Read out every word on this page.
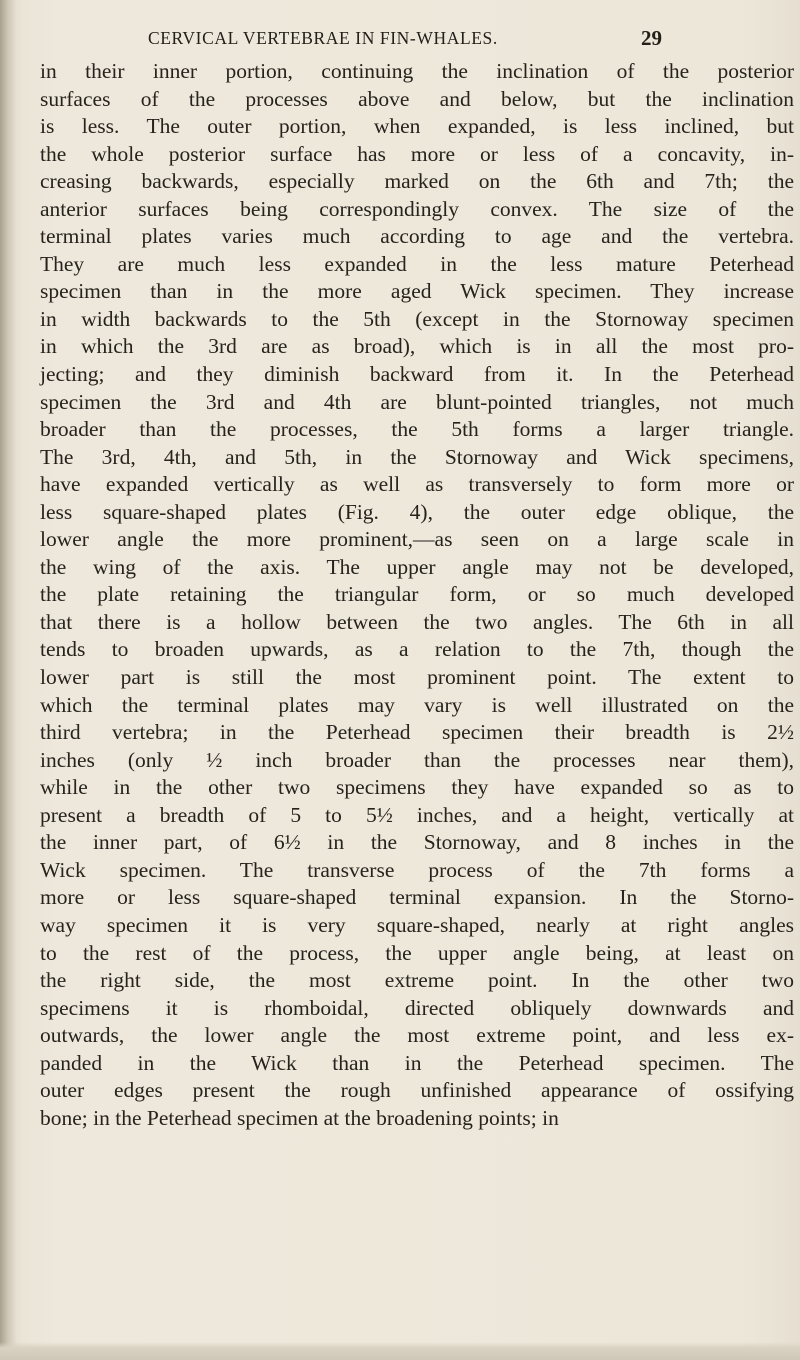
CERVICAL VERTEBRAE IN FIN-WHALES.	29
in their inner portion, continuing the inclination of the posterior
surfaces of the processes above and below, but the inclination
is less. The outer portion, when expanded, is less inclined, but
the whole posterior surface has more or less of a concavity, in-
creasing backwards, especially marked on the 6th and 7th; the
anterior surfaces being correspondingly convex. The size of the
terminal plates varies much according to age and the vertebra.
They are much less expanded in the less mature Peterhead
specimen than in the more aged Wick specimen. They increase
in width backwards to the 5th (except in the Stornoway specimen
in which the 3rd are as broad), which is in all the most pro-
jecting; and they diminish backward from it. In the Peterhead
specimen the 3rd and 4th are blunt-pointed triangles, not much
broader than the processes, the 5th forms a larger triangle.
The 3rd, 4th, and 5th, in the Stornoway and Wick specimens,
have expanded vertically as well as transversely to form more or
less square-shaped plates (Fig. 4), the outer edge oblique, the
lower angle the more prominent,—as seen on a large scale in
the wing of the axis. The upper angle may not be developed,
the plate retaining the triangular form, or so much developed
that there is a hollow between the two angles. The 6th in all
tends to broaden upwards, as a relation to the 7th, though the
lower part is still the most prominent point. The extent to
which the terminal plates may vary is well illustrated on the
third vertebra; in the Peterhead specimen their breadth is 2½
inches (only ½ inch broader than the processes near them),
while in the other two specimens they have expanded so as to
present a breadth of 5 to 5½ inches, and a height, vertically at
the inner part, of 6½ in the Stornoway, and 8 inches in the
Wick specimen. The transverse process of the 7th forms a
more or less square-shaped terminal expansion. In the Storno-
way specimen it is very square-shaped, nearly at right angles
to the rest of the process, the upper angle being, at least on
the right side, the most extreme point. In the other two
specimens it is rhomboidal, directed obliquely downwards and
outwards, the lower angle the most extreme point, and less ex-
panded in the Wick than in the Peterhead specimen. The
outer edges present the rough unfinished appearance of ossifying
bone; in the Peterhead specimen at the broadening points; in
